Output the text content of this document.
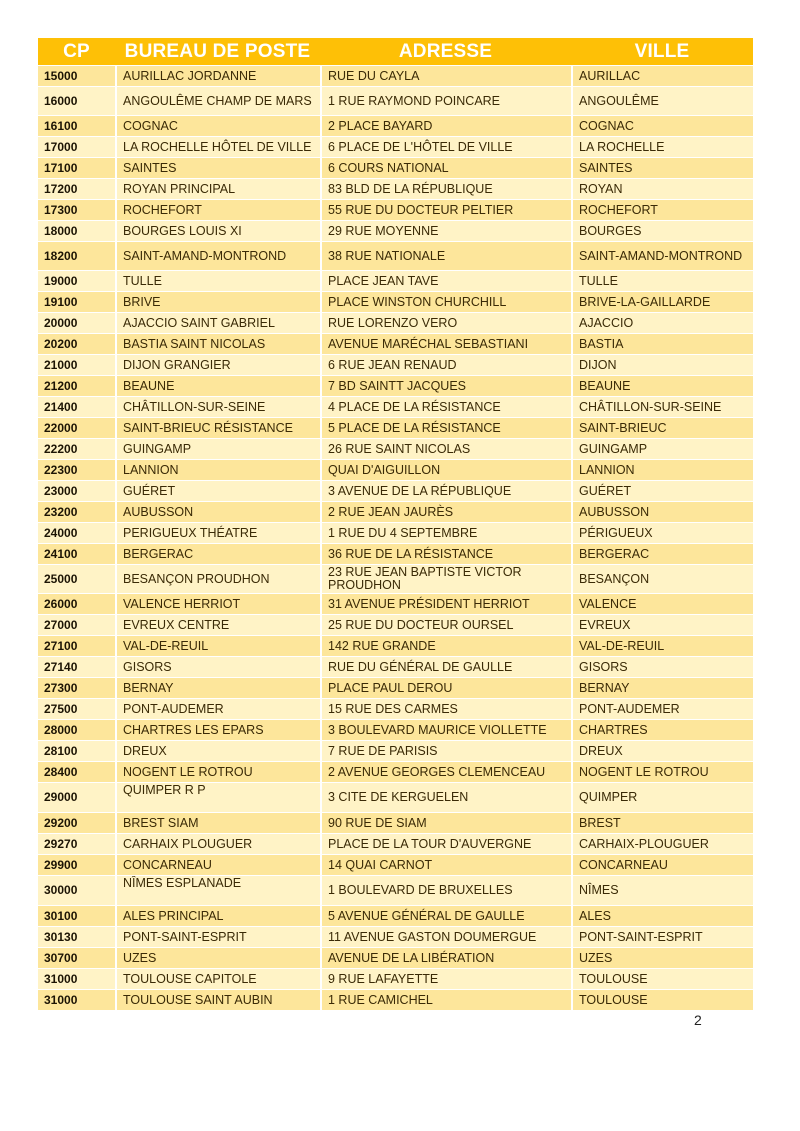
CP	BUREAU DE POSTE	ADRESSE	VILLE
15000	AURILLAC JORDANNE	RUE DU CAYLA	AURILLAC
16000	ANGOULÊME CHAMP DE MARS	1 RUE RAYMOND POINCARE	ANGOULÊME
16100	COGNAC	2 PLACE BAYARD	COGNAC
17000	LA ROCHELLE HÔTEL DE VILLE	6 PLACE DE L'HÔTEL DE VILLE	LA ROCHELLE
17100	SAINTES	6 COURS NATIONAL	SAINTES
17200	ROYAN PRINCIPAL	83 BLD DE LA RÉPUBLIQUE	ROYAN
17300	ROCHEFORT	55 RUE DU DOCTEUR PELTIER	ROCHEFORT
18000	BOURGES LOUIS XI	29 RUE MOYENNE	BOURGES
18200	SAINT-AMAND-MONTROND	38 RUE NATIONALE	SAINT-AMAND-MONTROND
19000	TULLE	PLACE JEAN TAVE	TULLE
19100	BRIVE	PLACE WINSTON CHURCHILL	BRIVE-LA-GAILLARDE
20000	AJACCIO SAINT GABRIEL	RUE LORENZO VERO	AJACCIO
20200	BASTIA SAINT NICOLAS	AVENUE MARÉCHAL SEBASTIANI	BASTIA
21000	DIJON GRANGIER	6 RUE JEAN RENAUD	DIJON
21200	BEAUNE	7 BD SAINTT JACQUES	BEAUNE
21400	CHÂTILLON-SUR-SEINE	4 PLACE DE LA RÉSISTANCE	CHÂTILLON-SUR-SEINE
22000	SAINT-BRIEUC RÉSISTANCE	5 PLACE DE LA RÉSISTANCE	SAINT-BRIEUC
22200	GUINGAMP	26 RUE SAINT NICOLAS	GUINGAMP
22300	LANNION	QUAI D'AIGUILLON	LANNION
23000	GUÉRET	3 AVENUE DE LA RÉPUBLIQUE	GUÉRET
23200	AUBUSSON	2 RUE JEAN JAURÈS	AUBUSSON
24000	PERIGUEUX THÉATRE	1 RUE DU 4 SEPTEMBRE	PÉRIGUEUX
24100	BERGERAC	36 RUE DE LA RÉSISTANCE	BERGERAC
25000	BESANÇON PROUDHON	23 RUE JEAN BAPTISTE VICTOR PROUDHON	BESANÇON
26000	VALENCE HERRIOT	31 AVENUE PRÉSIDENT HERRIOT	VALENCE
27000	EVREUX CENTRE	25 RUE DU DOCTEUR OURSEL	EVREUX
27100	VAL-DE-REUIL	142 RUE GRANDE	VAL-DE-REUIL
27140	GISORS	RUE DU GÉNÉRAL DE GAULLE	GISORS
27300	BERNAY	PLACE PAUL DEROU	BERNAY
27500	PONT-AUDEMER	15 RUE DES CARMES	PONT-AUDEMER
28000	CHARTRES LES EPARS	3 BOULEVARD MAURICE VIOLLETTE	CHARTRES
28100	DREUX	7 RUE DE PARISIS	DREUX
28400	NOGENT LE ROTROU	2 AVENUE GEORGES CLEMENCEAU	NOGENT LE ROTROU
29000	QUIMPER R P	3 CITE DE KERGUELEN	QUIMPER
29200	BREST SIAM	90 RUE DE SIAM	BREST
29270	CARHAIX PLOUGUER	PLACE DE LA TOUR D'AUVERGNE	CARHAIX-PLOUGUER
29900	CONCARNEAU	14 QUAI CARNOT	CONCARNEAU
30000	NÎMES ESPLANADE	1 BOULEVARD DE BRUXELLES	NÎMES
30100	ALES PRINCIPAL	5 AVENUE GÉNÉRAL DE GAULLE	ALES
30130	PONT-SAINT-ESPRIT	11 AVENUE GASTON DOUMERGUE	PONT-SAINT-ESPRIT
30700	UZES	AVENUE DE LA LIBÉRATION	UZES
31000	TOULOUSE CAPITOLE	9 RUE LAFAYETTE	TOULOUSE
31000	TOULOUSE SAINT AUBIN	1 RUE CAMICHEL	TOULOUSE
2
